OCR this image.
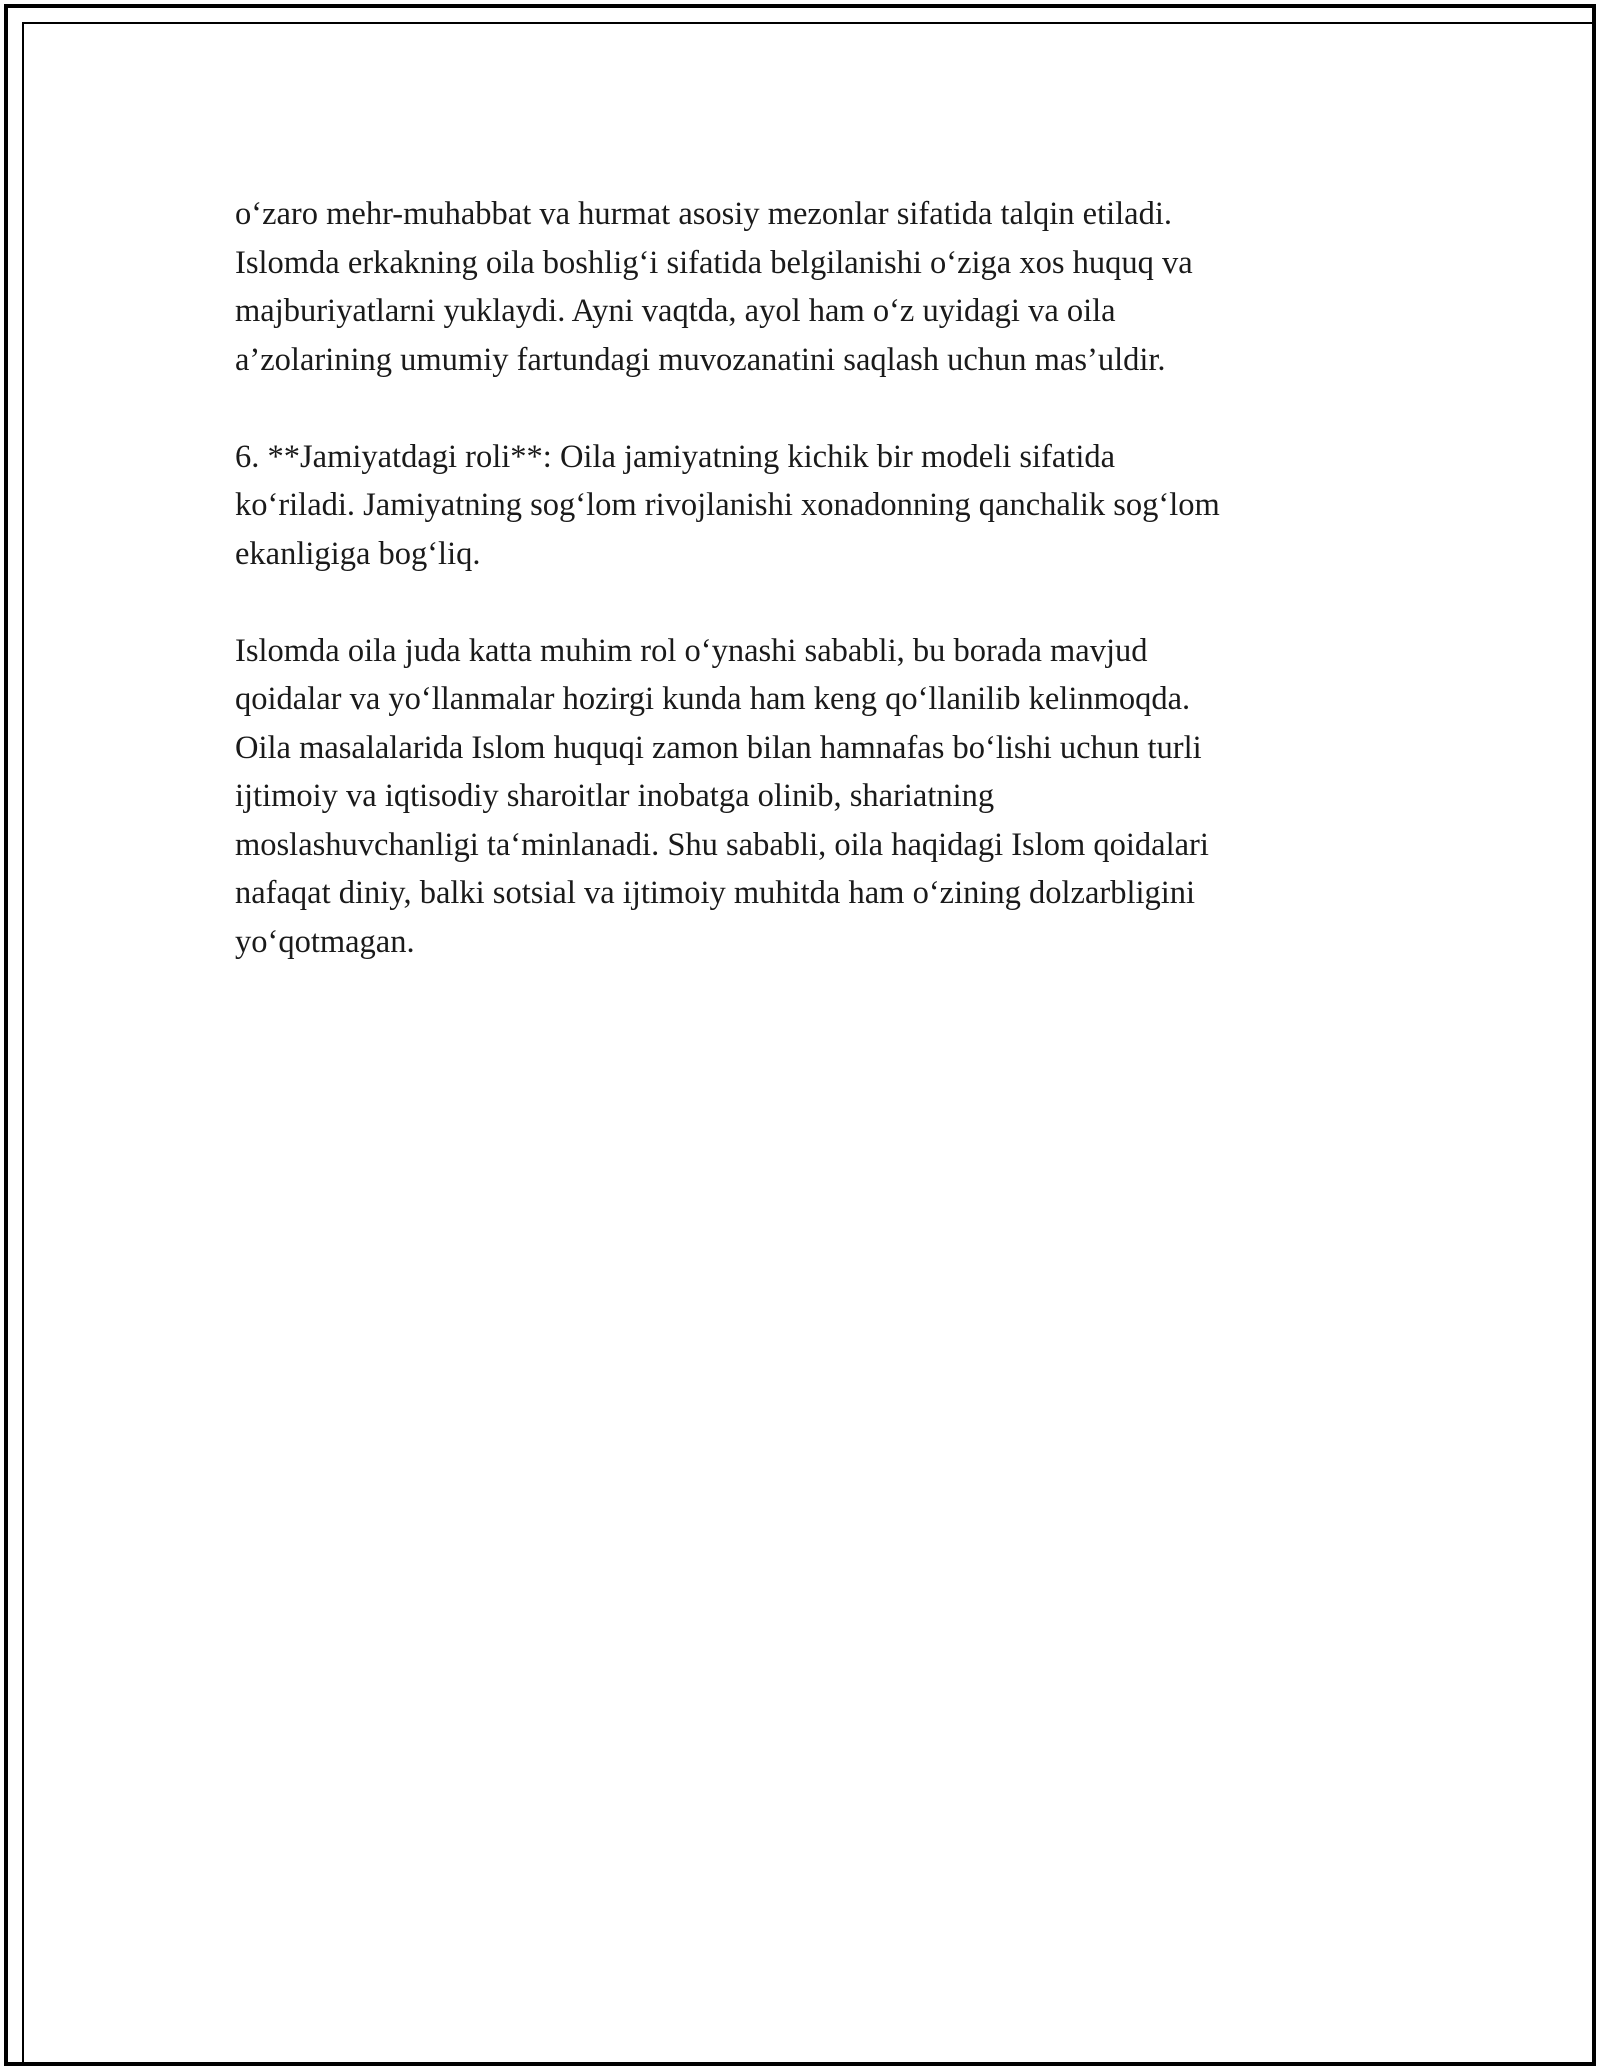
o‘zaro mehr-muhabbat va hurmat asosiy mezonlar sifatida talqin etiladi.
Islomda erkakning oila boshlig‘i sifatida belgilanishi o‘ziga xos huquq va
majburiyatlarni yuklaydi. Ayni vaqtda, ayol ham o‘z uyidagi va oila
a’zolarining umumiy fartundagi muvozanatini saqlash uchun mas’uldir.

6. **Jamiyatdagi roli**: Oila jamiyatning kichik bir modeli sifatida
ko‘riladi. Jamiyatning sog‘lom rivojlanishi xonadonning qanchalik sog‘lom
ekanligiga bog‘liq.

Islomda oila juda katta muhim rol o‘ynashi sababli, bu borada mavjud
qoidalar va yo‘llanmalar hozirgi kunda ham keng qo‘llanilib kelinmoqda.
Oila masalalarida Islom huquqi zamon bilan hamnafas bo‘lishi uchun turli
ijtimoiy va iqtisodiy sharoitlar inobatga olinib, shariatning
moslashuvchanligi ta‘minlanadi. Shu sababli, oila haqidagi Islom qoidalari
nafaqat diniy, balki sotsial va ijtimoiy muhitda ham o‘zining dolzarbligini
yo‘qotmagan.
